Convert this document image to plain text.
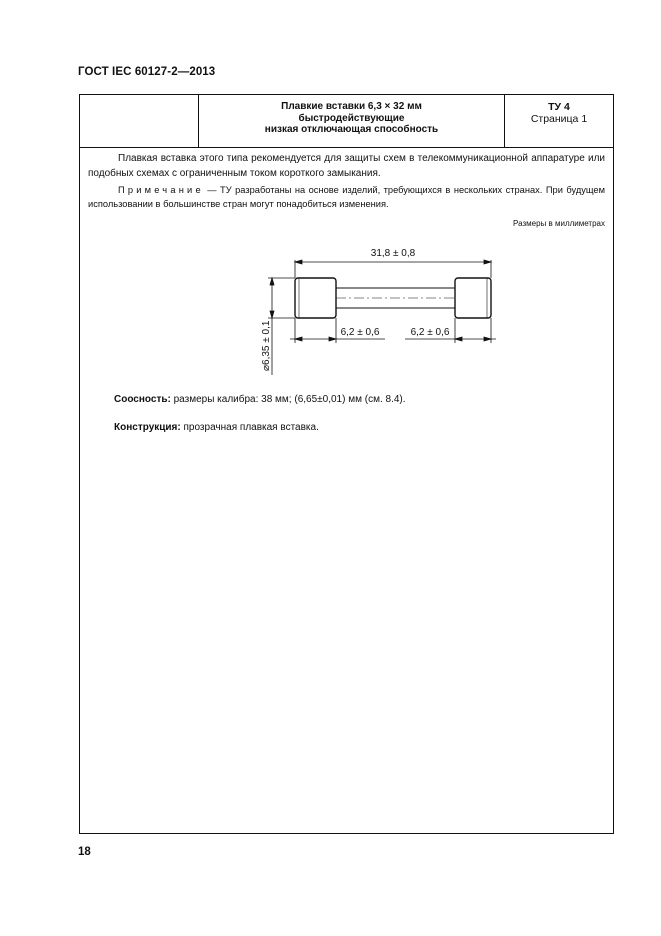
ГОСТ IEC 60127-2—2013
Плавкие вставки 6,3 × 32 мм
быстродействующие
низкая отключающая способность
ТУ 4
Страница 1
Плавкая вставка этого типа рекомендуется для защиты схем в телекоммуникационной аппаратуре или подобных схемах с ограниченным током короткого замыкания.
Примечание — ТУ разработаны на основе изделий, требующихся в нескольких странах. При будущем использовании в большинстве стран могут понадобиться изменения.
Размеры в миллиметрах
31,8 ± 0,8
6,2 ± 0,6	6,2 ± 0,6
⌀6,35 ± 0,1
Соосность: размеры калибра: 38 мм; (6,65±0,01) мм (см. 8.4).
Конструкция: прозрачная плавкая вставка.
18
